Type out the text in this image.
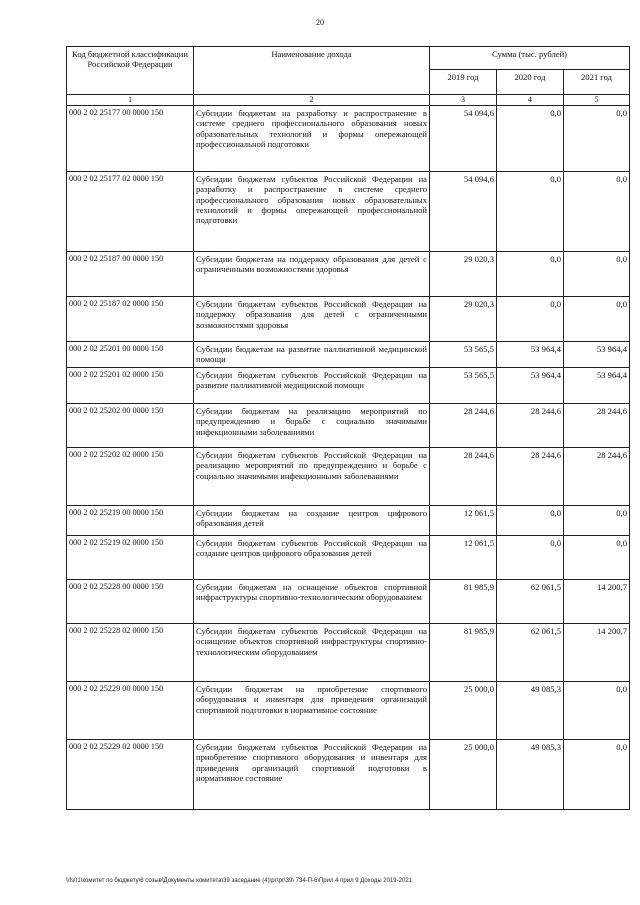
20
Код бюджетной классификации Российской Федерации	Наименование дохода	Сумма (тыс. рублей)		
		2019 год	2020 год	2021 год
1	2	3	4	5
000 2 02 25177 00 0000 150	Субсидии бюджетам на разработку и распространение в системе среднего профессионального образования новых образовательных технологий и формы опережающей профессиональной подготовки	54 094,6	0,0	0,0
000 2 02 25177 02 0000 150	Субсидии бюджетам субъектов Российской Федерации на разработку и распространение в системе среднего профессионального образования новых образовательных технологий и формы опережающей профессиональной подготовки	54 094,6	0,0	0,0
000 2 02 25187 00 0000 150	Субсидии бюджетам на поддержку образования для детей с ограниченными возможностями здоровья	29 020,3	0,0	0,0
000 2 02 25187 02 0000 150	Субсидии бюджетам субъектов Российской Федерации на поддержку образования для детей с ограниченными возможностями здоровья	29 020,3	0,0	0,0
000 2 02 25201 00 0000 150	Субсидии бюджетам на развитие паллиативной медицинской помощи	53 565,5	53 964,4	53 964,4
000 2 02 25201 02 0000 150	Субсидии бюджетам субъектов Российской Федерации на развитие паллиативной медицинской помощи	53 565,5	53 964,4	53 964,4
000 2 02 25202 00 0000 150	Субсидии бюджетам на реализацию мероприятий по предупреждению и борьбе с социально значимыми инфекционными заболеваниями	28 244,6	28 244,6	28 244,6
000 2 02 25202 02 0000 150	Субсидии бюджетам субъектов Российской Федерации на реализацию мероприятий по предупреждению и борьбе с социально значимыми инфекционными заболеваниями	28 244,6	28 244,6	28 244,6
000 2 02 25219 00 0000 150	Субсидии бюджетам на создание центров цифрового образования детей	12 061,5	0,0	0,0
000 2 02 25219 02 0000 150	Субсидии бюджетам субъектов Российской Федерации на создание центров цифрового образования детей	12 061,5	0,0	0,0
000 2 02 25228 00 0000 150	Субсидии бюджетам на оснащение объектов спортивной инфраструктуры спортивно-технологическим оборудованием	81 985,9	62 061,5	14 200,7
000 2 02 25228 02 0000 150	Субсидии бюджетам субъектов Российской Федерации на оснащение объектов спортивной инфраструктуры спортивно-технологическим оборудованием	81 985,9	62 061,5	14 200,7
000 2 02 25229 00 0000 150	Субсидии бюджетам на приобретение спортивного оборудования и инвентаря для приведения организаций спортивной подготовки в нормативное состояние	25 000,0	49 085,3	0,0
000 2 02 25229 02 0000 150	Субсидии бюджетам субъектов Российской Федерации на приобретение спортивного оборудования и инвентаря для приведения организаций спортивной подготовки в нормативное состояние	25 000,0	49 085,3	0,0
\\fs01\комитет по бюджету\6 созыв\Документы комитета\39 заседание (4)\рг\рг\39\ 734-П-6\Прил 4 прил 9 Доходы 2019-2021
